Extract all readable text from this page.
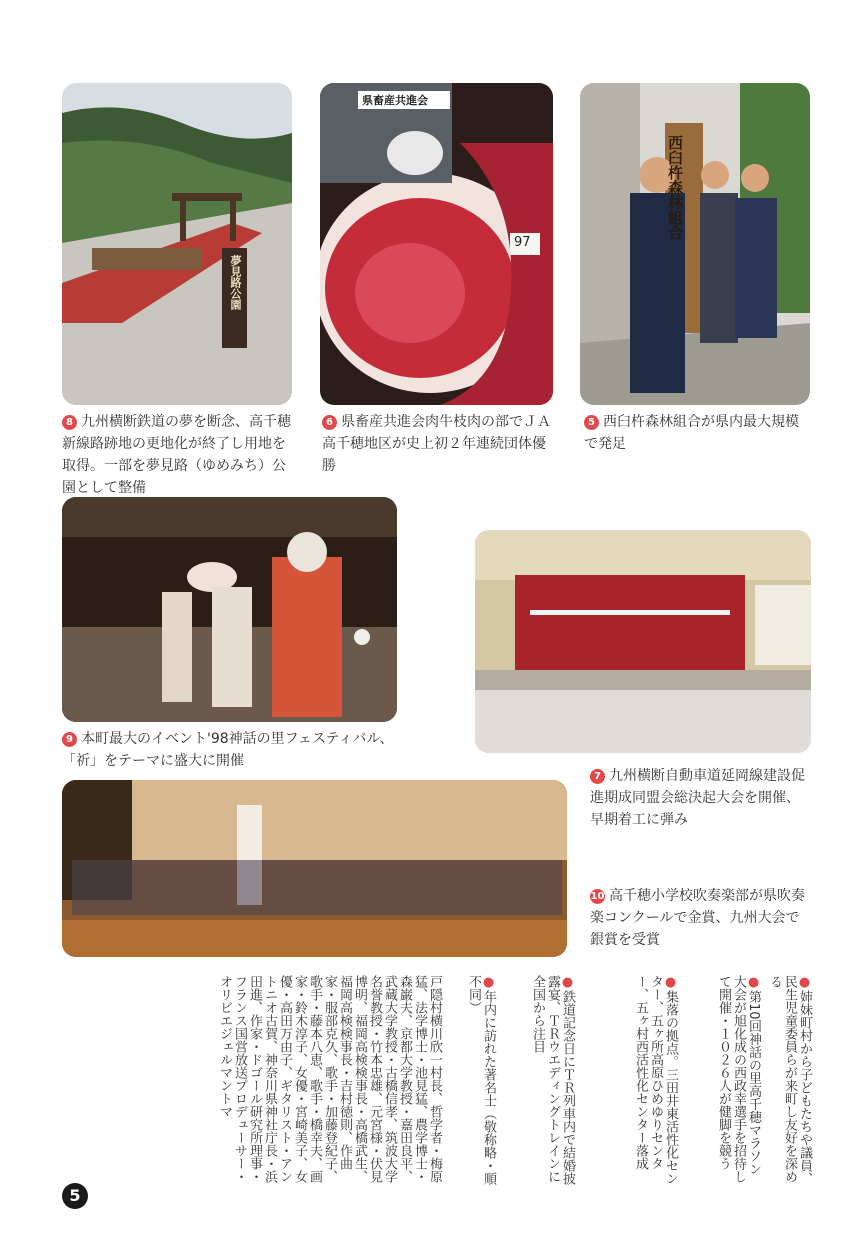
夢見路公園
県畜産共進会
97
西臼杵森林組合
8 九州横断鉄道の夢を断念、高千穂新線路跡地の更地化が終了し用地を取得。一部を夢見路（ゆめみち）公園として整備
6 県畜産共進会肉牛枝肉の部でＪＡ高千穂地区が史上初２年連続団体優勝
5 西臼杵森林組合が県内最大規模で発足
9 本町最大のイベント'98神話の里フェスティバル、「祈」をテーマに盛大に開催
7 九州横断自動車道延岡線建設促進期成同盟会総決起大会を開催、早期着工に弾み
10 高千穂小学校吹奏楽部が県吹奏楽コンクールで金賞、九州大会で銀賞を受賞
●姉妹町村から子どもたちや議員、民生児童委員らが来町し友好を深める
●第10回神話の里高千穂マラソン大会が旭化成の西政幸選手を招待して開催・１０２６人が健脚を競う
●集落の拠点。三田井東活性化センター、五ヶ所高原ひめゆりセンター、五ヶ村西活性化センター落成
●鉄道記念日にＴＲ列車内で結婚披露宴、ＴＲウエディングトレインに全国から注目
●年内に訪れた著名士（敬称略・順不同）
戸隠村横川欣一村長、哲学者・梅原猛、法学博士・池見猛、農学博士・森巌夫、京都大学教授・嘉田良平、武蔵大学教授・古橋信孝、筑波大学名誉教授・竹本忠雄、元宮様・伏見博明、福岡高検検事長・高橋武生、福岡高検検事長・吉村徳則、作曲家・服部克久、歌手・加藤登紀子、歌手・藤本八恵、歌手・橋幸夫、画家・鈴木淳子、女優・宮崎美子、女優・高田万由子、ギタリスト・アントニオ古賀、神奈川県神社庁長・浜田進、作家・ドゴール研究所理事・フランス国営放送プロデューサー・オリビエジェルマントマ
5
